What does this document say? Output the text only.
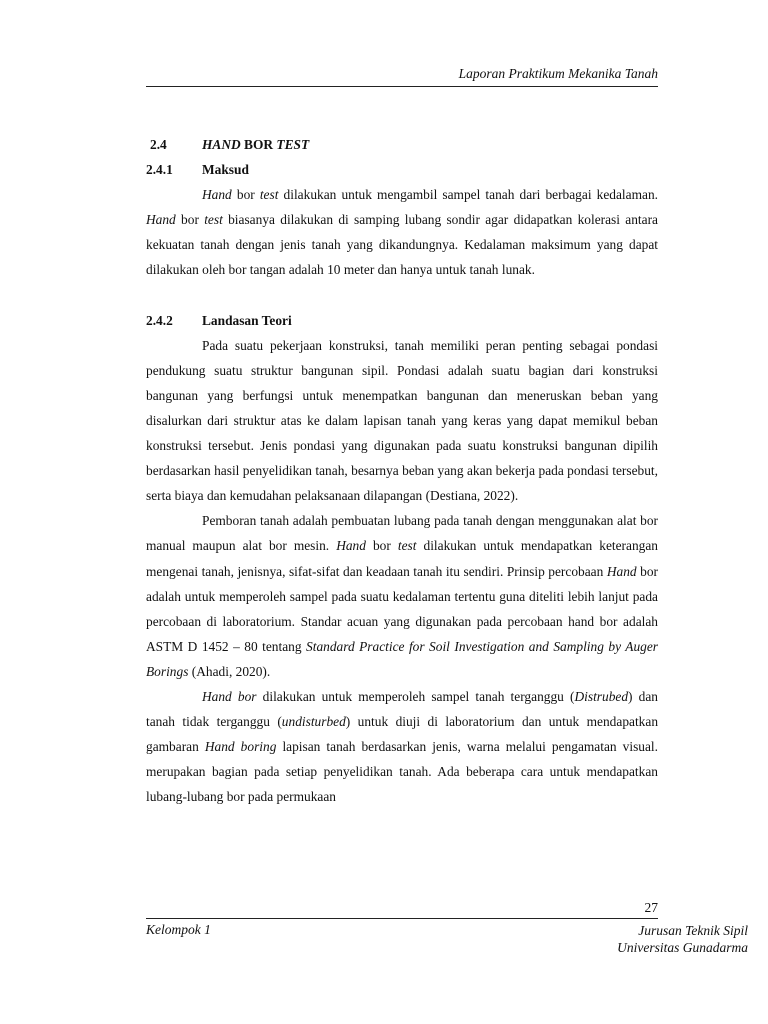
Laporan Praktikum Mekanika Tanah
2.4	HAND BOR TEST
2.4.1	Maksud

Hand bor test dilakukan untuk mengambil sampel tanah dari berbagai kedalaman. Hand bor test biasanya dilakukan di samping lubang sondir agar didapatkan kolerasi antara kekuatan tanah dengan jenis tanah yang dikandungnya. Kedalaman maksimum yang dapat dilakukan oleh bor tangan adalah 10 meter dan hanya untuk tanah lunak.

2.4.2	Landasan Teori

Pada suatu pekerjaan konstruksi, tanah memiliki peran penting sebagai pondasi pendukung suatu struktur bangunan sipil. Pondasi adalah suatu bagian dari konstruksi bangunan yang berfungsi untuk menempatkan bangunan dan meneruskan beban yang disalurkan dari struktur atas ke dalam lapisan tanah yang keras yang dapat memikul beban konstruksi tersebut. Jenis pondasi yang digunakan pada suatu konstruksi bangunan dipilih berdasarkan hasil penyelidikan tanah, besarnya beban yang akan bekerja pada pondasi tersebut, serta biaya dan kemudahan pelaksanaan dilapangan (Destiana, 2022).

Pemboran tanah adalah pembuatan lubang pada tanah dengan menggunakan alat bor manual maupun alat bor mesin. Hand bor test dilakukan untuk mendapatkan keterangan mengenai tanah, jenisnya, sifat-sifat dan keadaan tanah itu sendiri. Prinsip percobaan Hand bor adalah untuk memperoleh sampel pada suatu kedalaman tertentu guna diteliti lebih lanjut pada percobaan di laboratorium. Standar acuan yang digunakan pada percobaan hand bor adalah ASTM D 1452 – 80 tentang Standard Practice for Soil Investigation and Sampling by Auger Borings (Ahadi, 2020).

Hand bor dilakukan untuk memperoleh sampel tanah terganggu (Distrubed) dan tanah tidak terganggu (undisturbed) untuk diuji di laboratorium dan untuk mendapatkan gambaran Hand boring lapisan tanah berdasarkan jenis, warna melalui pengamatan visual. merupakan bagian pada setiap penyelidikan tanah. Ada beberapa cara untuk mendapatkan lubang-lubang bor pada permukaan

27
Kelompok 1	Jurusan Teknik Sipil
Universitas Gunadarma
